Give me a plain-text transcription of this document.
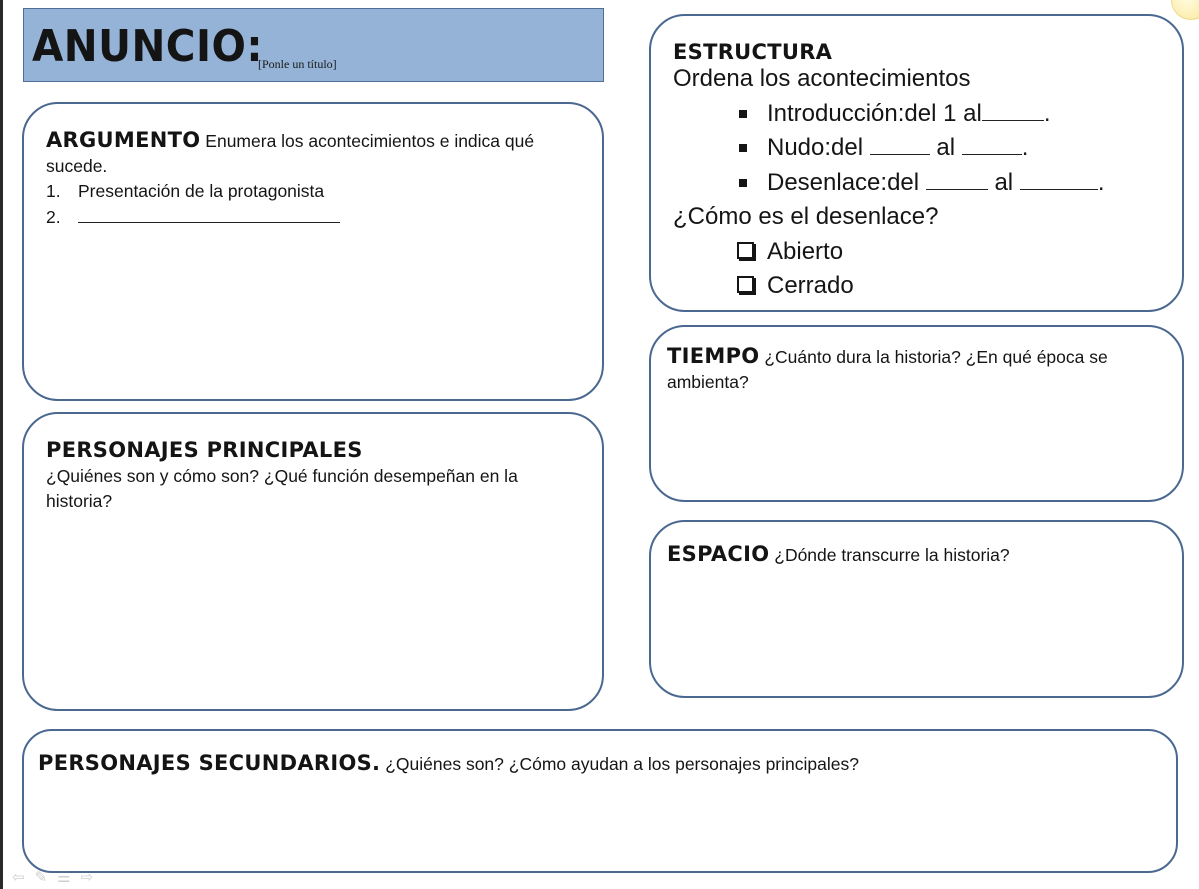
ANUNCIO:
[Ponle un título]
ARGUMENTO Enumera los acontecimientos e indica qué sucede.
1. Presentación de la protagonista
2.
PERSONAJES PRINCIPALES
¿Quiénes son y cómo son? ¿Qué función desempeñan en la historia?
ESTRUCTURA
Ordena los acontecimientos
Introducción:del 1 al	.
Nudo:del	al	.
Desenlace:del	al	.
¿Cómo es el desenlace?
Abierto
Cerrado
TIEMPO ¿Cuánto dura la historia? ¿En qué época se ambienta?
ESPACIO ¿Dónde transcurre la historia?
PERSONAJES SECUNDARIOS. ¿Quiénes son? ¿Cómo ayudan a los personajes principales?
⇦ ✎ ☰ ⇨
